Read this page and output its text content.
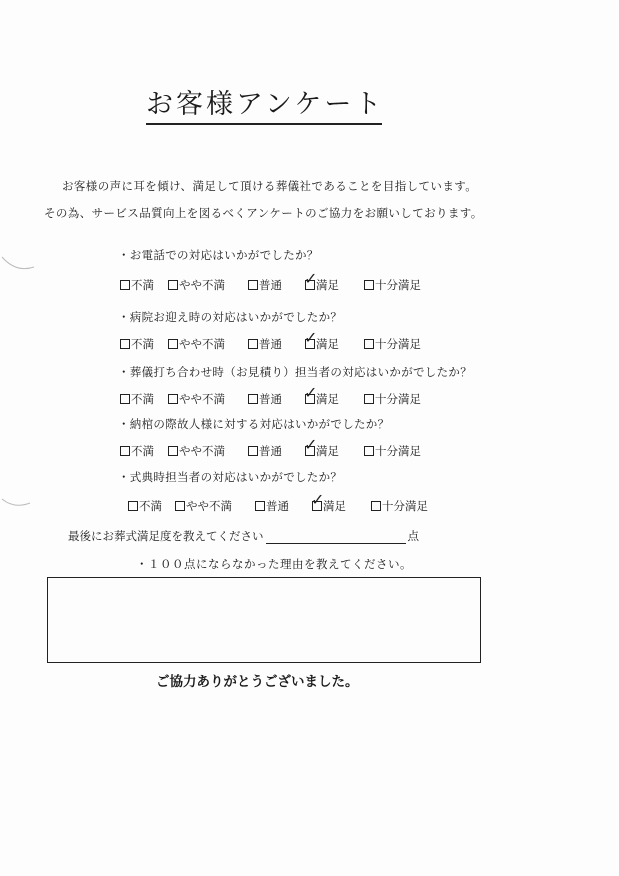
お客様アンケート
お客様の声に耳を傾け、満足して頂ける葬儀社であることを目指しています。
その為、サービス品質向上を図るべくアンケートのご協力をお願いしております。
・お電話での対応はいかがでしたか？
不満 やや不満	普通 ✓
満足	十分満足
・病院お迎え時の対応はいかがでしたか？
不満 やや不満	普通 ✓
満足	十分満足
・葬儀打ち合わせ時（お見積り）担当者の対応はいかがでしたか？
不満 やや不満	普通 ✓
満足	十分満足
・納棺の際故人様に対する対応はいかがでしたか？
不満 やや不満	普通 ✓
満足	十分満足
・式典時担当者の対応はいかがでしたか？
不満 やや不満	普通 ✓
満足	十分満足
最後にお葬式満足度を教えてください	点
・１００点にならなかった理由を教えてください。
ご協力ありがとうございました。
